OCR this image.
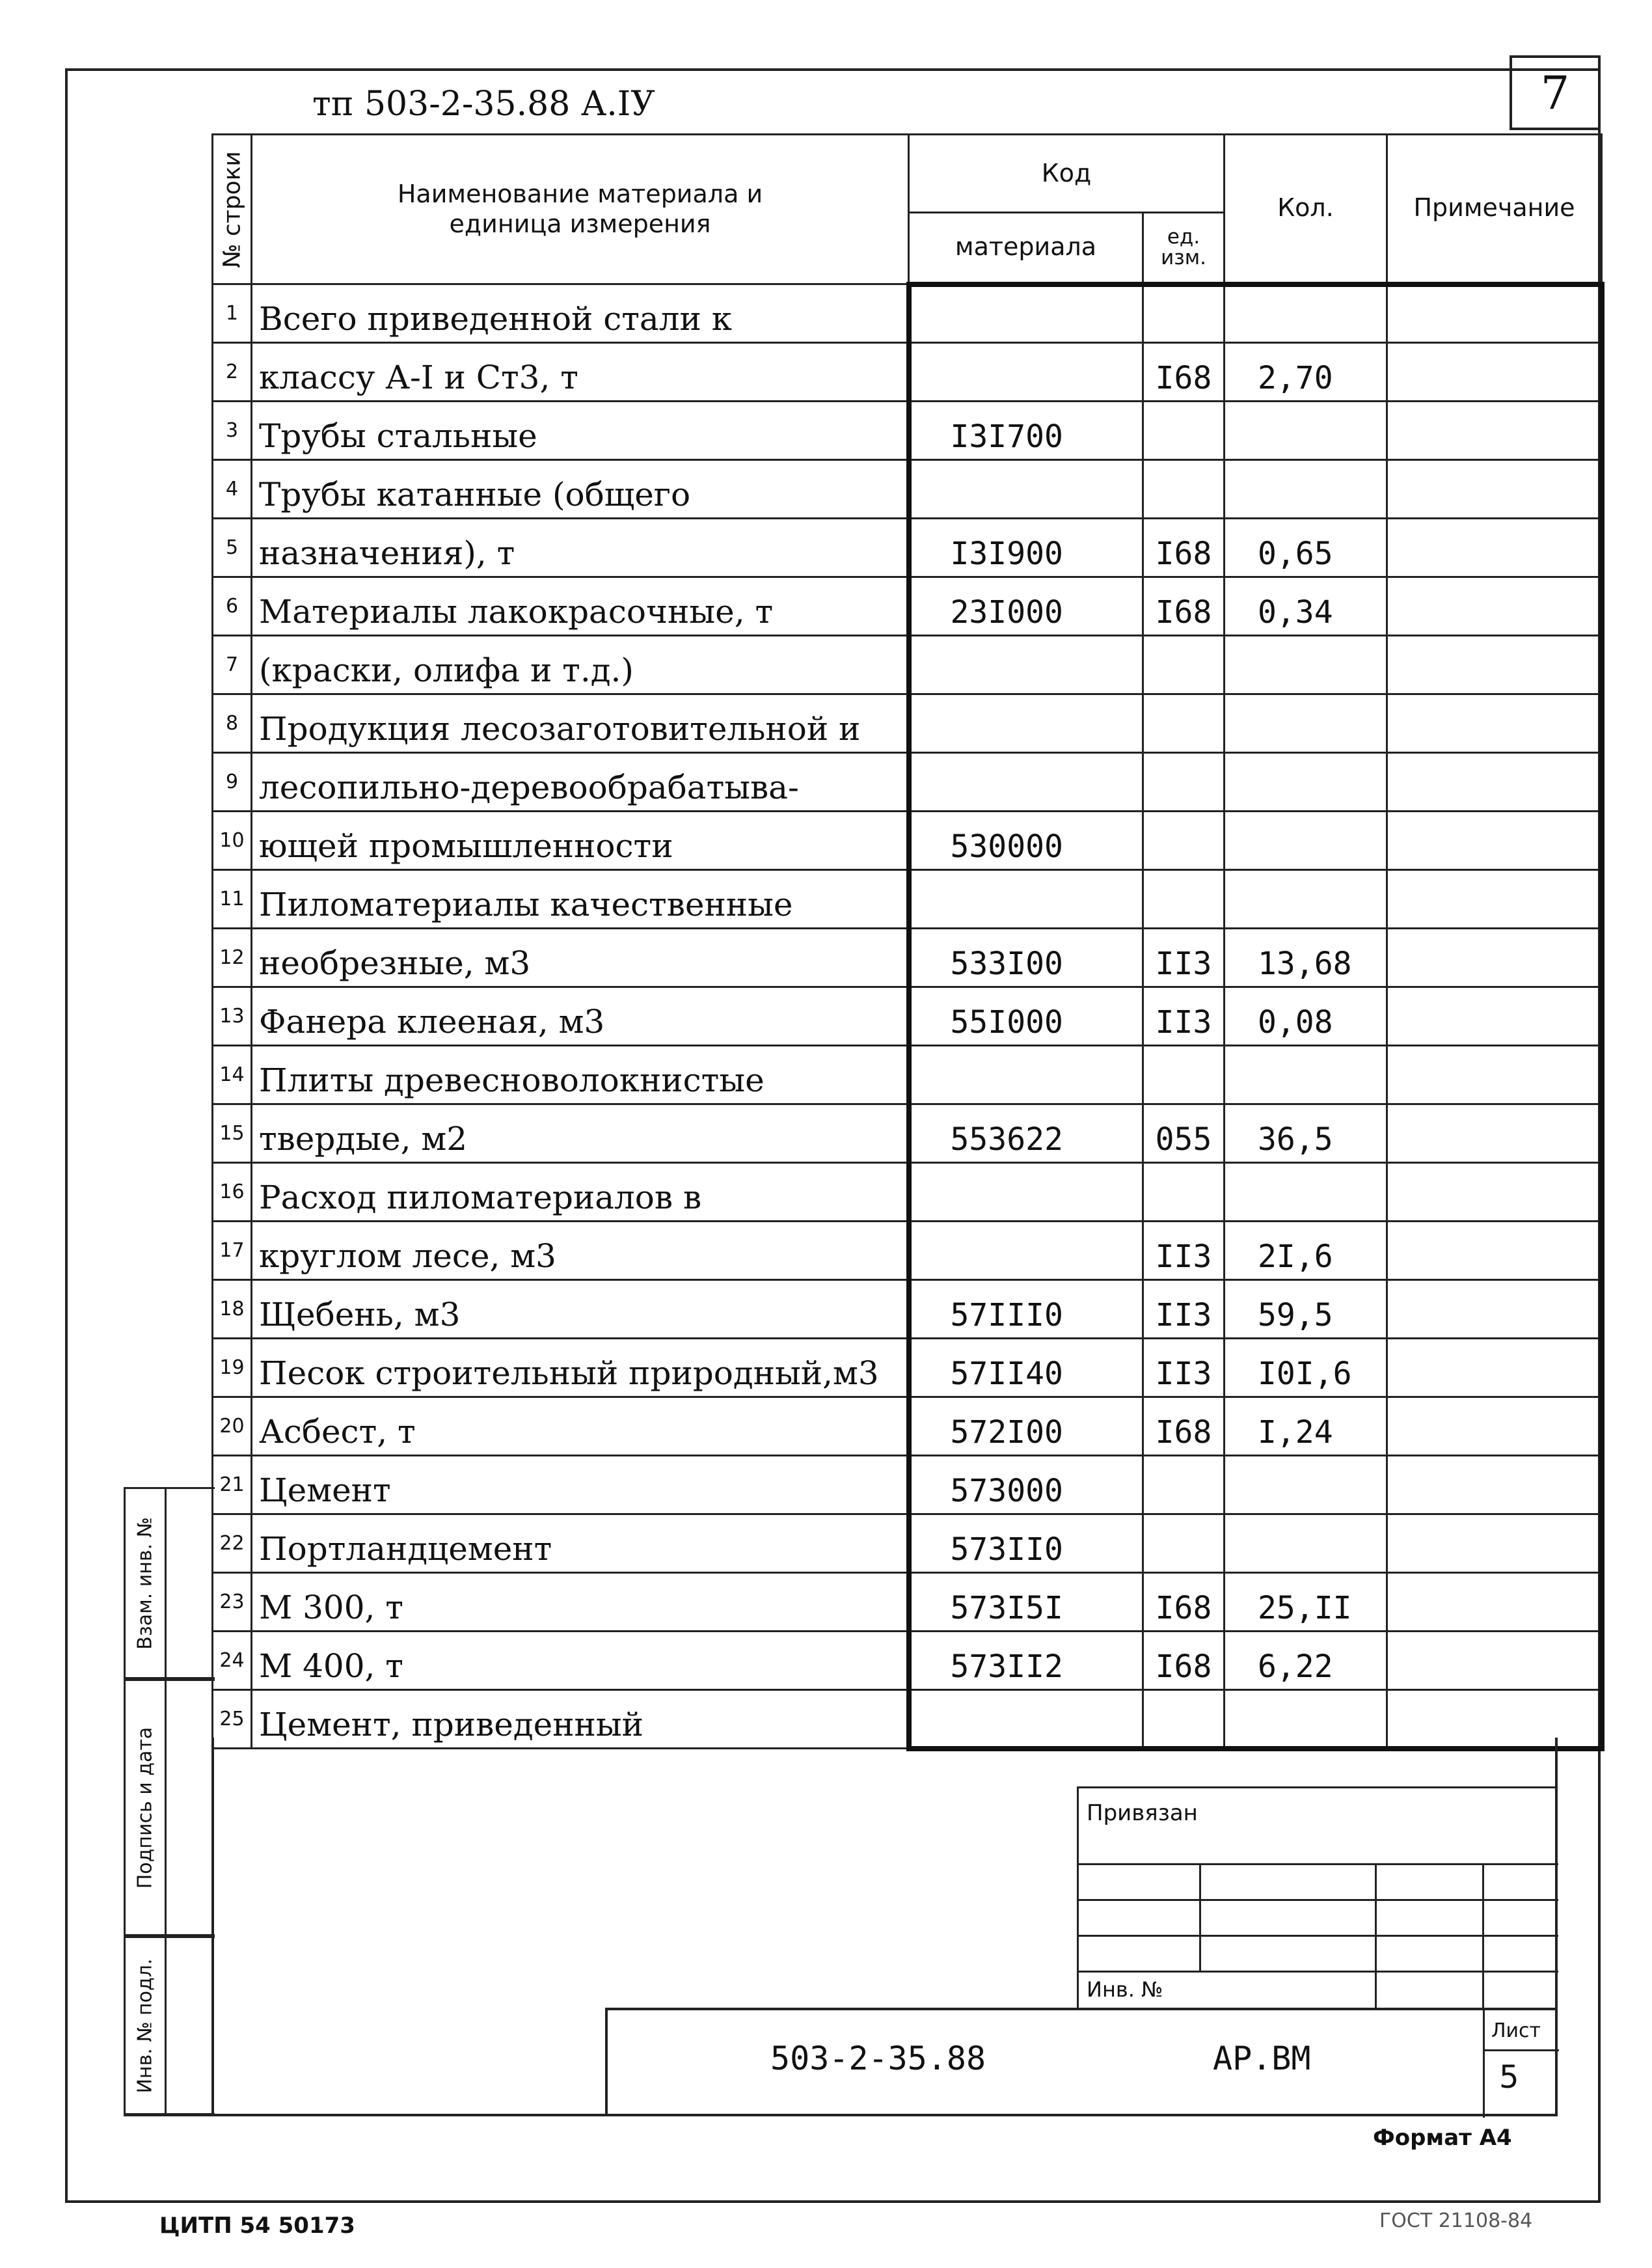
7
тп 503-2-35.88 А.IУ
№ строки	Наименование материала и единица измерения	Код		Кол.	Примечание
		материала	ед. изм.		
1	Всего приведенной стали к				
2	классу А-I и Ст3, т		I68	2,70	
3	Трубы стальные	I3I700			
4	Трубы катанные (общего				
5	назначения), т	I3I900	I68	0,65	
6	Материалы лакокрасочные, т	23I000	I68	0,34	
7	(краски, олифа и т.д.)				
8	Продукция лесозаготовительной и				
9	лесопильно-деревообрабатыва-				
10	ющей промышленности	530000			
11	Пиломатериалы качественные				
12	необрезные, м3	533I00	II3	13,68	
13	Фанера клееная, м3	55I000	II3	0,08	
14	Плиты древесноволокнистые				
15	твердые, м2	553622	055	36,5	
16	Расход пиломатериалов в				
17	круглом лесе, м3		II3	2I,6	
18	Щебень, м3	57III0	II3	59,5	
19	Песок строительный природный,м3	57II40	II3	I0I,6	
20	Асбест, т	572I00	I68	I,24	
21	Цемент	573000			
22	Портландцемент	573II0			
23	М 300, т	573I5I	I68	25,II	
24	М 400, т	573II2	I68	6,22	
25	Цемент, приведенный				
Взам. инв. №
Подпись и дата
Инв. № подл.
Привязан
Инв. №
503-2-35.88	АР.ВМ
Лист
5
Формат А4
ЦИТП 54 50173	ГОСТ 21108-84
